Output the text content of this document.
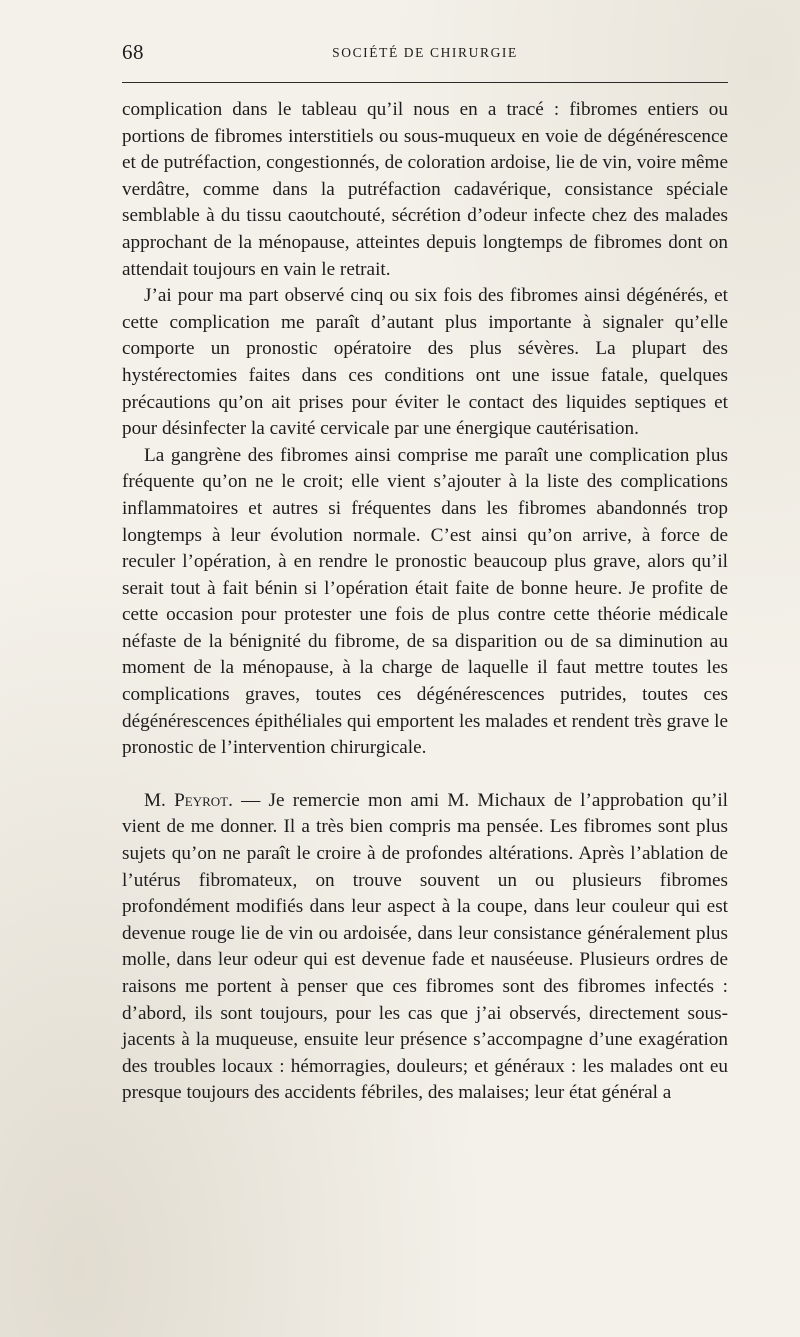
68	SOCIÉTÉ DE CHIRURGIE

complication dans le tableau qu’il nous en a tracé : fibromes entiers ou portions de fibromes interstitiels ou sous-muqueux en voie de dégénérescence et de putréfaction, congestionnés, de coloration ardoise, lie de vin, voire même verdâtre, comme dans la putréfaction cadavérique, consistance spéciale semblable à du tissu caoutchouté, sécrétion d’odeur infecte chez des malades approchant de la ménopause, atteintes depuis longtemps de fibromes dont on attendait toujours en vain le retrait.

J’ai pour ma part observé cinq ou six fois des fibromes ainsi dégénérés, et cette complication me paraît d’autant plus importante à signaler qu’elle comporte un pronostic opératoire des plus sévères. La plupart des hystérectomies faites dans ces conditions ont une issue fatale, quelques précautions qu’on ait prises pour éviter le contact des liquides septiques et pour désinfecter la cavité cervicale par une énergique cautérisation.

La gangrène des fibromes ainsi comprise me paraît une complication plus fréquente qu’on ne le croit; elle vient s’ajouter à la liste des complications inflammatoires et autres si fréquentes dans les fibromes abandonnés trop longtemps à leur évolution normale. C’est ainsi qu’on arrive, à force de reculer l’opération, à en rendre le pronostic beaucoup plus grave, alors qu’il serait tout à fait bénin si l’opération était faite de bonne heure. Je profite de cette occasion pour protester une fois de plus contre cette théorie médicale néfaste de la bénignité du fibrome, de sa disparition ou de sa diminution au moment de la ménopause, à la charge de laquelle il faut mettre toutes les complications graves, toutes ces dégénérescences putrides, toutes ces dégénérescences épithéliales qui emportent les malades et rendent très grave le pronostic de l’intervention chirurgicale.

M. Peyrot. — Je remercie mon ami M. Michaux de l’approbation qu’il vient de me donner. Il a très bien compris ma pensée. Les fibromes sont plus sujets qu’on ne paraît le croire à de profondes altérations. Après l’ablation de l’utérus fibromateux, on trouve souvent un ou plusieurs fibromes profondément modifiés dans leur aspect à la coupe, dans leur couleur qui est devenue rouge lie de vin ou ardoisée, dans leur consistance généralement plus molle, dans leur odeur qui est devenue fade et nauséeuse. Plusieurs ordres de raisons me portent à penser que ces fibromes sont des fibromes infectés : d’abord, ils sont toujours, pour les cas que j’ai observés, directement sous-jacents à la muqueuse, ensuite leur présence s’accompagne d’une exagération des troubles locaux : hémorragies, douleurs; et généraux : les malades ont eu presque toujours des accidents fébriles, des malaises; leur état général a
